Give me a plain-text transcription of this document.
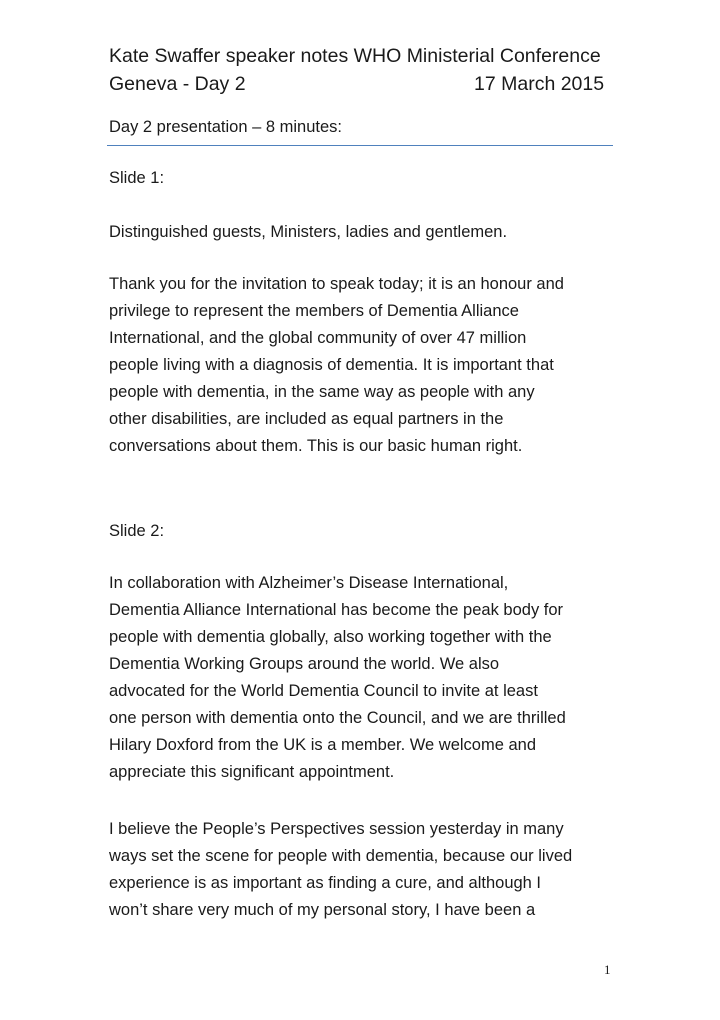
Kate Swaffer speaker notes WHO Ministerial Conference
Geneva - Day 2	17 March 2015
Day 2 presentation – 8 minutes:
Slide 1:
Distinguished guests, Ministers, ladies and gentlemen.
Thank you for the invitation to speak today; it is an honour and
privilege to represent the members of Dementia Alliance
International, and the global community of over 47 million
people living with a diagnosis of dementia. It is important that
people with dementia, in the same way as people with any
other disabilities, are included as equal partners in the
conversations about them. This is our basic human right.
Slide 2:
In collaboration with Alzheimer’s Disease International,
Dementia Alliance International has become the peak body for
people with dementia globally, also working together with the
Dementia Working Groups around the world. We also
advocated for the World Dementia Council to invite at least
one person with dementia onto the Council, and we are thrilled
Hilary Doxford from the UK is a member. We welcome and
appreciate this significant appointment.
I believe the People’s Perspectives session yesterday in many
ways set the scene for people with dementia, because our lived
experience is as important as finding a cure, and although I
won’t share very much of my personal story, I have been a
1
